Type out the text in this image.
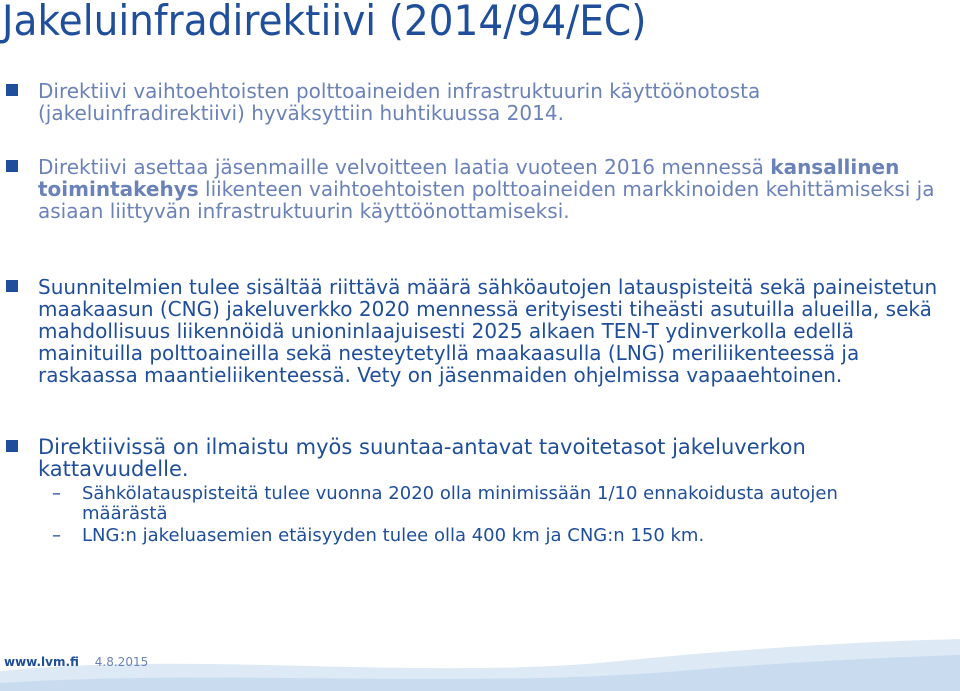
Jakeluinfradirektiivi (2014/94/EC)
Direktiivi vaihtoehtoisten polttoaineiden infrastruktuurin käyttöönotosta (jakeluinfradirektiivi) hyväksyttiin huhtikuussa 2014.
Direktiivi asettaa jäsenmaille velvoitteen laatia vuoteen 2016 mennessä kansallinen toimintakehys liikenteen vaihtoehtoisten polttoaineiden markkinoiden kehittämiseksi ja asiaan liittyvän infrastruktuurin käyttöönottamiseksi.
Suunnitelmien tulee sisältää riittävä määrä sähköautojen latauspisteitä sekä paineistetun maakaasun (CNG) jakeluverkko 2020 mennessä erityisesti tiheästi asutuilla alueilla, sekä mahdollisuus liikennöidä unioninlaajuisesti 2025 alkaen TEN-T ydinverkolla edellä mainituilla polttoaineilla sekä nesteytetyllä maakaasulla (LNG) meriliikenteessä ja raskaassa maantieliikenteessä. Vety on jäsenmaiden ohjelmissa vapaaehtoinen.
Direktiivissä on ilmaistu myös suuntaa-antavat tavoitetasot jakeluverkon kattavuudelle.
–	Sähkölatauspisteitä tulee vuonna 2020 olla minimissään 1/10 ennakoidusta autojen määrästä
–	LNG:n jakeluasemien etäisyyden tulee olla 400 km ja CNG:n 150 km.
www.lvm.fi 4.8.2015
